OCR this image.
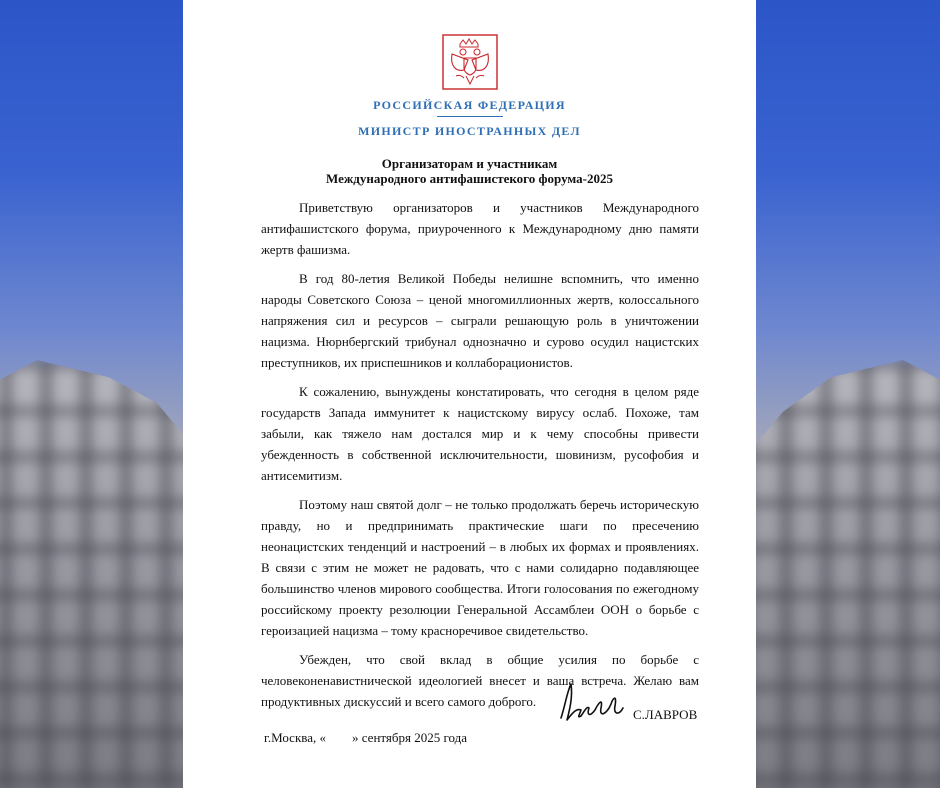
РОССИЙСКАЯ ФЕДЕРАЦИЯ
МИНИСТР ИНОСТРАННЫХ ДЕЛ
Организаторам и участникам
Международного антифашистекого форума-2025

Приветствую организаторов и участников Международного антифашистского форума, приуроченного к Международному дню памяти жертв фашизма.

В год 80-летия Великой Победы нелишне вспомнить, что именно народы Советского Союза – ценой многомиллионных жертв, колоссального напряжения сил и ресурсов – сыграли решающую роль в уничтожении нацизма. Нюрнбергский трибунал однозначно и сурово осудил нацистских преступников, их приспешников и коллаборационистов.

К сожалению, вынуждены констатировать, что сегодня в целом ряде государств Запада иммунитет к нацистскому вирусу ослаб. Похоже, там забыли, как тяжело нам достался мир и к чему способны привести убежденность в собственной исключительности, шовинизм, русофобия и антисемитизм.

Поэтому наш святой долг – не только продолжать беречь историческую правду, но и предпринимать практические шаги по пресечению неонацистских тенденций и настроений – в любых их формах и проявлениях. В связи с этим не может не радовать, что с нами солидарно подавляющее большинство членов мирового сообщества. Итоги голосования по ежегодному российскому проекту резолюции Генеральной Ассамблеи ООН о борьбе с героизацией нацизма – тому красноречивое свидетельство.

Убежден, что свой вклад в общие усилия по борьбе с человеконенавистнической идеологией внесет и ваша встреча. Желаю вам продуктивных дискуссий и всего самого доброго.

С.ЛАВРОВ
г.Москва, «        » сентября 2025 года
